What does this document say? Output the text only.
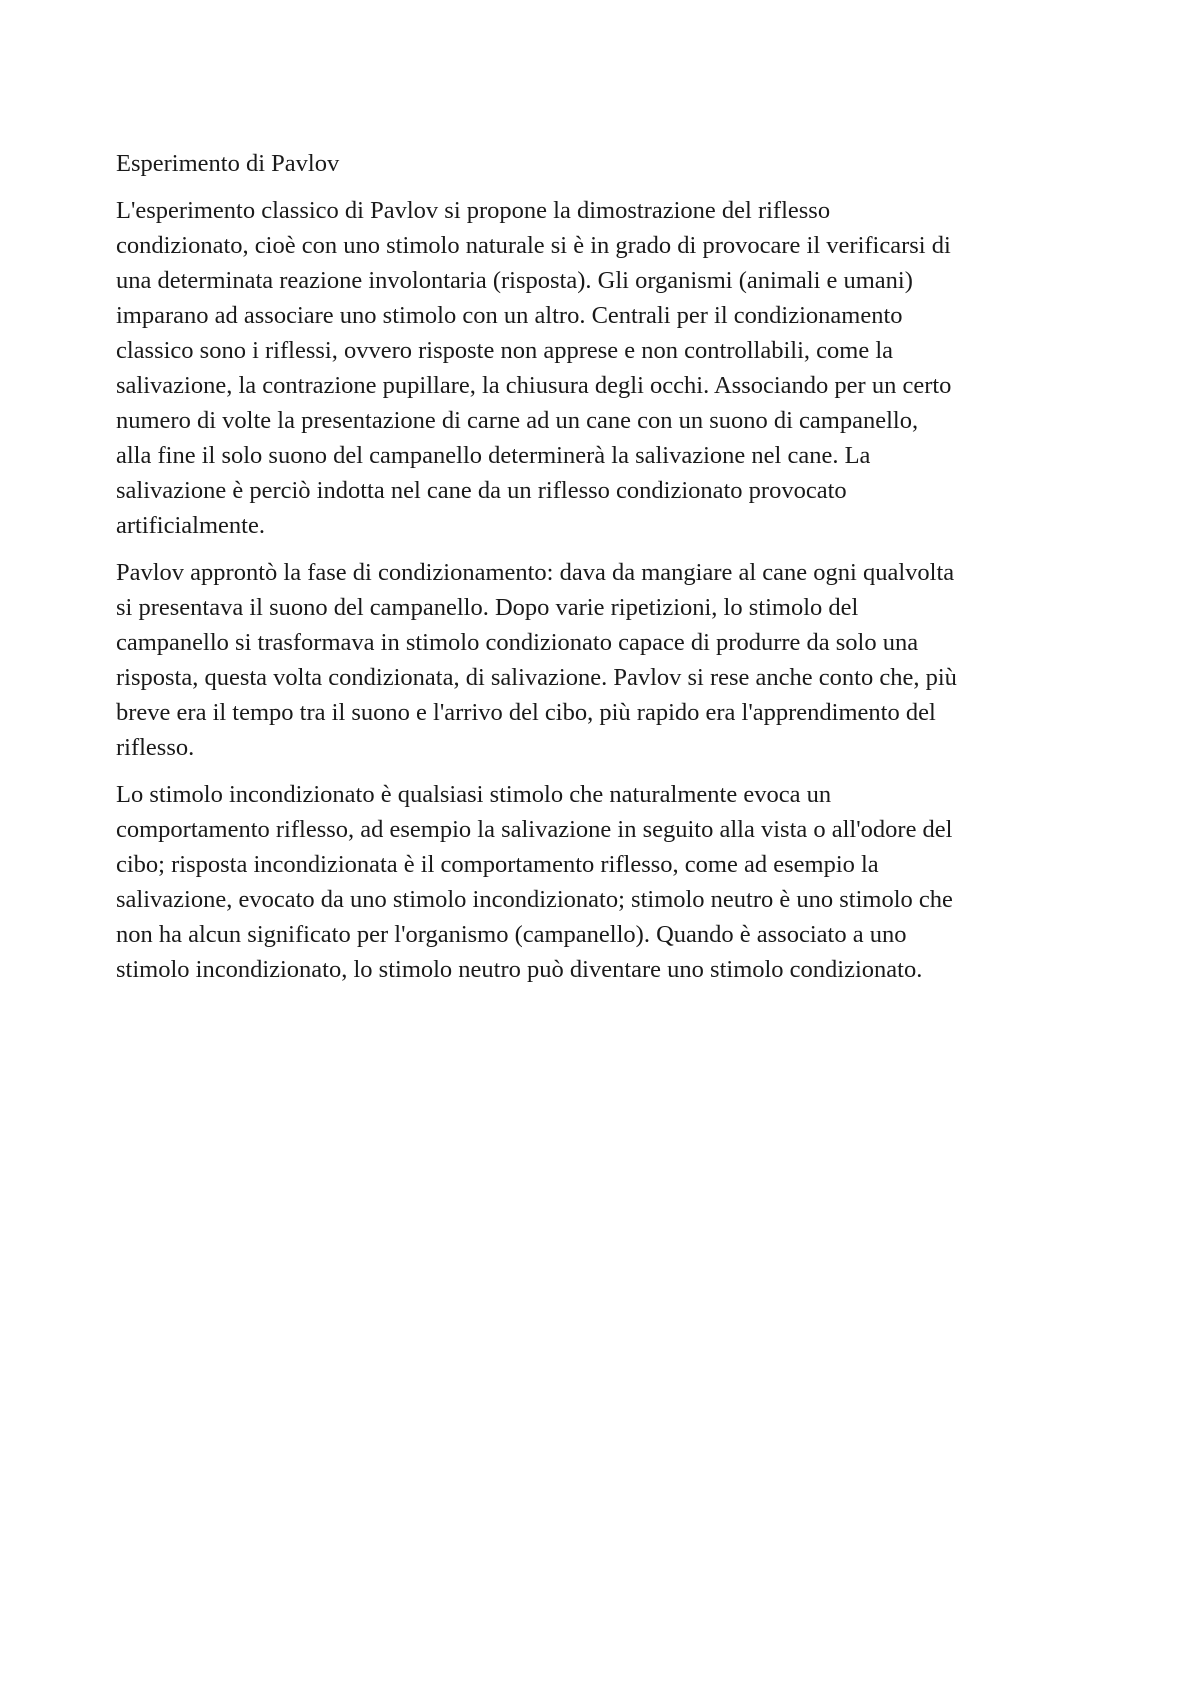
Esperimento di Pavlov
L'esperimento classico di Pavlov si propone la dimostrazione del riflesso
condizionato, cioè con uno stimolo naturale si è in grado di provocare il verificarsi di
una determinata reazione involontaria (risposta). Gli organismi (animali e umani)
imparano ad associare uno stimolo con un altro. Centrali per il condizionamento
classico sono i riflessi, ovvero risposte non apprese e non controllabili, come la
salivazione, la contrazione pupillare, la chiusura degli occhi. Associando per un certo
numero di volte la presentazione di carne ad un cane con un suono di campanello,
alla fine il solo suono del campanello determinerà la salivazione nel cane. La
salivazione è perciò indotta nel cane da un riflesso condizionato provocato
artificialmente.
Pavlov approntò la fase di condizionamento: dava da mangiare al cane ogni qualvolta
si presentava il suono del campanello. Dopo varie ripetizioni, lo stimolo del
campanello si trasformava in stimolo condizionato capace di produrre da solo una
risposta, questa volta condizionata, di salivazione. Pavlov si rese anche conto che, più
breve era il tempo tra il suono e l'arrivo del cibo, più rapido era l'apprendimento del
riflesso.
Lo stimolo incondizionato è qualsiasi stimolo che naturalmente evoca un
comportamento riflesso, ad esempio la salivazione in seguito alla vista o all'odore del
cibo; risposta incondizionata è il comportamento riflesso, come ad esempio la
salivazione, evocato da uno stimolo incondizionato; stimolo neutro è uno stimolo che
non ha alcun significato per l'organismo (campanello). Quando è associato a uno
stimolo incondizionato, lo stimolo neutro può diventare uno stimolo condizionato.
